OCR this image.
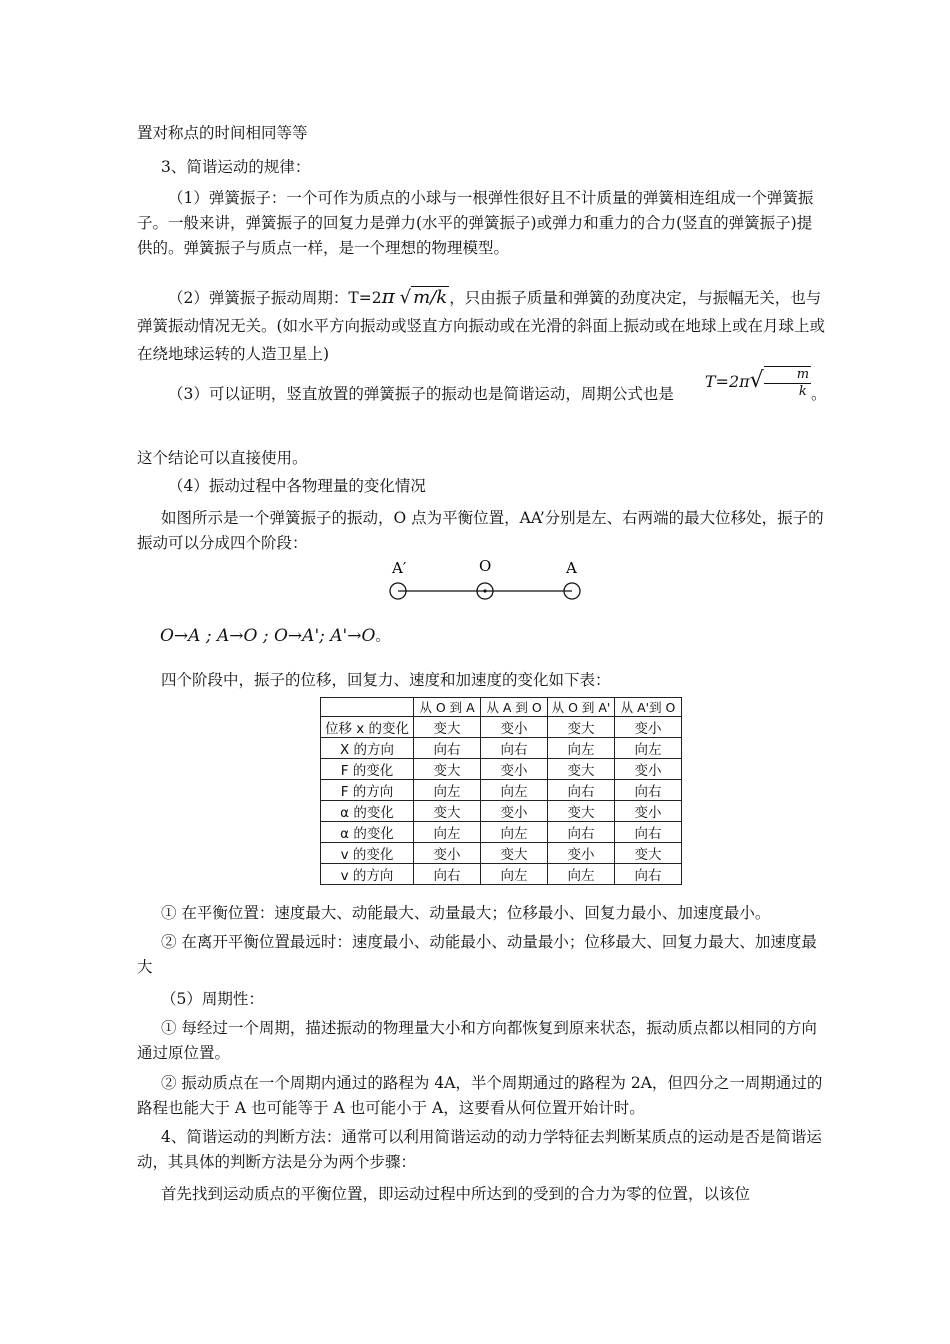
置对称点的时间相同等等

3、简谐运动的规律：

（1）弹簧振子：一个可作为质点的小球与一根弹性很好且不计质量的弹簧相连组成一个弹簧振子。一般来讲，弹簧振子的回复力是弹力(水平的弹簧振子)或弹力和重力的合力(竖直的弹簧振子)提供的。弹簧振子与质点一样，是一个理想的物理模型。

（2）弹簧振子振动周期：T=2π √ m/k ，只由振子质量和弹簧的劲度决定，与振幅无关，也与弹簧振动情况无关。(如水平方向振动或竖直方向振动或在光滑的斜面上振动或在地球上或在月球上或在绕地球运转的人造卫星上)

（3）可以证明，竖直放置的弹簧振子的振动也是简谐运动，周期公式也是$T=2\pi√ \frac{m}{k}$ 。

这个结论可以直接使用。

（4）振动过程中各物理量的变化情况

如图所示是一个弹簧振子的振动，O 点为平衡位置，AA’分别是左、右两端的最大位移处，振子的振动可以分成四个阶段：

A′	O	A

O→A ; A→O ; O→A'; A'→O。

四个阶段中，振子的位移，回复力、速度和加速度的变化如下表：

	从 O 到 A	从 A 到 O	从 O 到 A'	从 A'到 O
位移 x 的变化	变大	变小	变大	变小
X 的方向	向右	向右	向左	向左
F 的变化	变大	变小	变大	变小
F 的方向	向左	向左	向右	向右
α 的变化	变大	变小	变大	变小
α 的变化	向左	向左	向右	向右
v 的变化	变小	变大	变小	变大
v 的方向	向右	向左	向左	向右

① 在平衡位置：速度最大、动能最大、动量最大；位移最小、回复力最小、加速度最小。

② 在离开平衡位置最远时：速度最小、动能最小、动量最小；位移最大、回复力最大、加速度最大

（5）周期性：

① 每经过一个周期，描述振动的物理量大小和方向都恢复到原来状态，振动质点都以相同的方向通过原位置。

② 振动质点在一个周期内通过的路程为 4A，半个周期通过的路程为 2A，但四分之一周期通过的路程也能大于 A 也可能等于 A 也可能小于 A，这要看从何位置开始计时。

4、简谐运动的判断方法：通常可以利用简谐运动的动力学特征去判断某质点的运动是否是简谐运动，其具体的判断方法是分为两个步骤：

首先找到运动质点的平衡位置，即运动过程中所达到的受到的合力为零的位置，以该位
